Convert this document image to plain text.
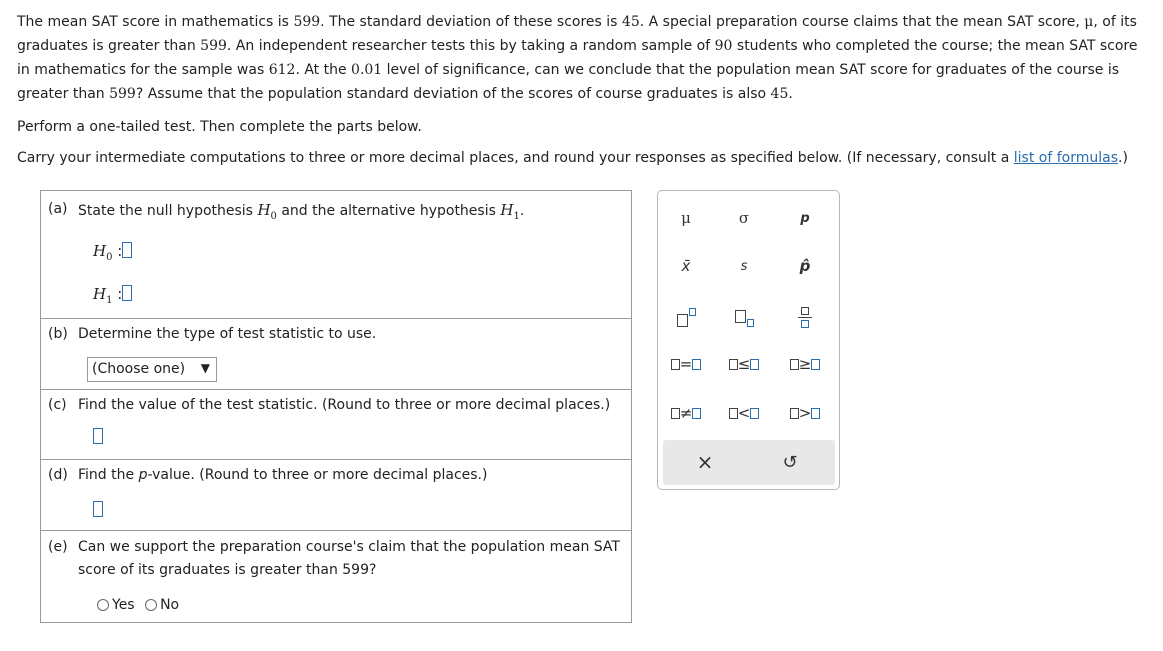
The mean SAT score in mathematics is 599. The standard deviation of these scores is 45. A special preparation course claims that the mean SAT score, μ, of its graduates is greater than 599. An independent researcher tests this by taking a random sample of 90 students who completed the course; the mean SAT score in mathematics for the sample was 612. At the 0.01 level of significance, can we conclude that the population mean SAT score for graduates of the course is greater than 599? Assume that the population standard deviation of the scores of course graduates is also 45.
Perform a one-tailed test. Then complete the parts below.
Carry your intermediate computations to three or more decimal places, and round your responses as specified below. (If necessary, consult a list of formulas.)
(a) State the null hypothesis $H_0$ and the alternative hypothesis $H_1$.
$H_0$ :
$H_1$ :
(b) Determine the type of test statistic to use.
(Choose one) ▼
(c) Find the value of the test statistic. (Round to three or more decimal places.)
(d) Find the p-value. (Round to three or more decimal places.)
(e) Can we support the preparation course's claim that the population mean SAT
score of its graduates is greater than 599?
Yes No
μ	σ	p
x̄	s	p̂
=	≤	≥
≠	<	>
×	↺
